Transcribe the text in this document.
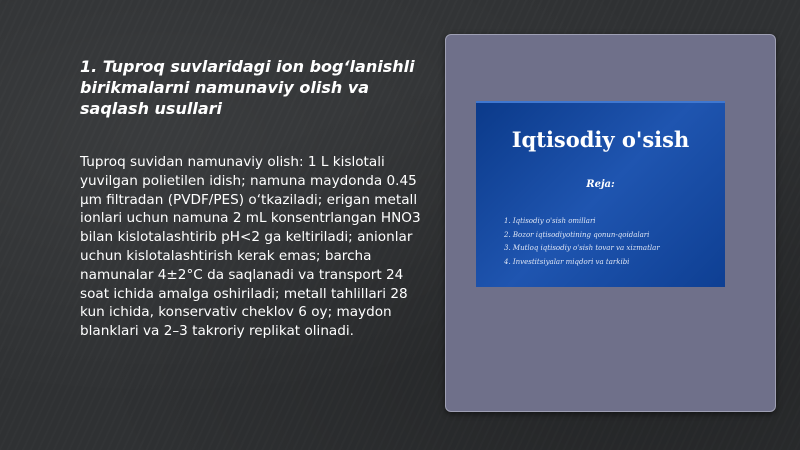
1. Tuproq suvlaridagi ion bog‘lanishli birikmalarni namunaviy olish va saqlash usullari

Tuproq suvidan namunaviy olish: 1 L kislotali yuvilgan polietilen idish; namuna maydonda 0.45 μm filtradan (PVDF/PES) o‘tkaziladi; erigan metall ionlari uchun namuna 2 mL konsentrlangan HNO3 bilan kislotalashtirib pH<2 ga keltiriladi; anionlar uchun kislotalashtirish kerak emas; barcha namunalar 4±2°C da saqlanadi va transport 24 soat ichida amalga oshiriladi; metall tahlillari 28 kun ichida, konservativ cheklov 6 oy; maydon blanklari va 2–3 takroriy replikat olinadi.

Iqtisodiy o'sish
Reja:
1. Iqtisodiy o'sish omillari
2. Bozor iqtisodiyotining qonun-qoidalari
3. Mutloq iqtisodiy o'sish tovar va xizmatlar
4. Investitsiyalar miqdori va tarkibi
